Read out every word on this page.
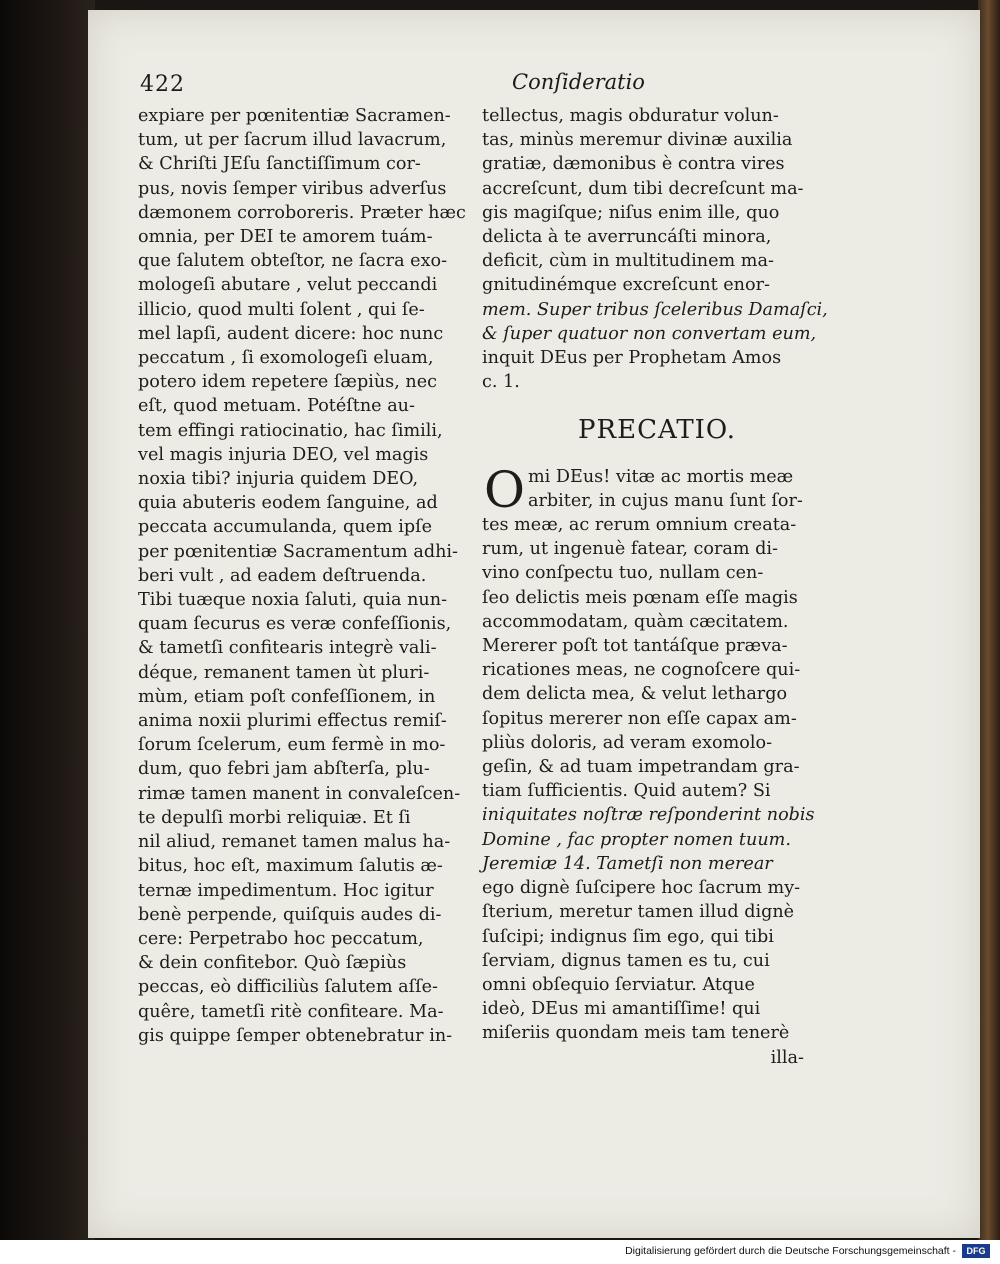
422	Conſideratio
expiare per pœnitentiæ Sacramen-
tum, ut per ſacrum illud lavacrum,
& Chriſti JEſu ſanctiſſimum cor-
pus, novis ſemper viribus adverſus
dæmonem corroboreris. Præter hæc
omnia, per DEI te amorem tuám-
que ſalutem obteſtor, ne ſacra exo-
mologeſi abutare , velut peccandi
illicio, quod multi ſolent , qui ſe-
mel lapſi, audent dicere: hoc nunc
peccatum , ſi exomologeſi eluam,
potero idem repetere ſæpiùs, nec
eſt, quod metuam. Potéſtne au-
tem effingi ratiocinatio, hac ſimili,
vel magis injuria DEO, vel magis
noxia tibi? injuria quidem DEO,
quia abuteris eodem ſanguine, ad
peccata accumulanda, quem ipſe
per pœnitentiæ Sacramentum adhi-
beri vult , ad eadem deſtruenda.
Tibi tuæque noxia ſaluti, quia nun-
quam ſecurus es veræ confeſſionis,
& tametſi confitearis integrè vali-
déque, remanent tamen ùt pluri-
mùm, etiam poſt confeſſionem, in
anima noxii plurimi effectus remiſ-
ſorum ſcelerum, eum fermè in mo-
dum, quo febri jam abſterſa, plu-
rimæ tamen manent in convaleſcen-
te depulſi morbi reliquiæ. Et ſi
nil aliud, remanet tamen malus ha-
bitus, hoc eſt, maximum ſalutis æ-
ternæ impedimentum. Hoc igitur
benè perpende, quiſquis audes di-
cere: Perpetrabo hoc peccatum,
& dein confitebor. Quò ſæpiùs
peccas, eò difficiliùs ſalutem aſſe-
quêre, tametſi ritè confiteare. Ma-
gis quippe ſemper obtenebratur in-
tellectus, magis obduratur volun-
tas, minùs meremur divinæ auxilia
gratiæ, dæmonibus è contra vires
accreſcunt, dum tibi decreſcunt ma-
gis magiſque; niſus enim ille, quo
delicta à te averruncáſti minora,
deficit, cùm in multitudinem ma-
gnitudinémque excreſcunt enor-
mem. Super tribus ſceleribus Damaſci,
& ſuper quatuor non convertam eum,
inquit DEus per Prophetam Amos
c. 1.
PRECATIO.
O mi DEus! vitæ ac mortis meæ
arbiter, in cujus manu ſunt ſor-
tes meæ, ac rerum omnium creata-
rum, ut ingenuè fatear, coram di-
vino conſpectu tuo, nullam cen-
ſeo delictis meis pœnam eſſe magis
accommodatam, quàm cæcitatem.
Mererer poſt tot tantáſque præva-
ricationes meas, ne cognoſcere qui-
dem delicta mea, & velut lethargo
ſopitus mererer non eſſe capax am-
pliùs doloris, ad veram exomolo-
geſin, & ad tuam impetrandam gra-
tiam ſufficientis. Quid autem? Si
iniquitates noſtræ reſponderint nobis
Domine , fac propter nomen tuum.
Jeremiæ 14. Tametſi non merear
ego dignè ſuſcipere hoc ſacrum my-
ſterium, meretur tamen illud dignè
ſuſcipi; indignus ſim ego, qui tibi
ſerviam, dignus tamen es tu, cui
omni obſequio ſerviatur. Atque
ideò, DEus mi amantiſſime! qui
miſeriis quondam meis tam tenerè
illa-
Digitalisierung gefördert durch die Deutsche Forschungsgemeinschaft -	DFG
